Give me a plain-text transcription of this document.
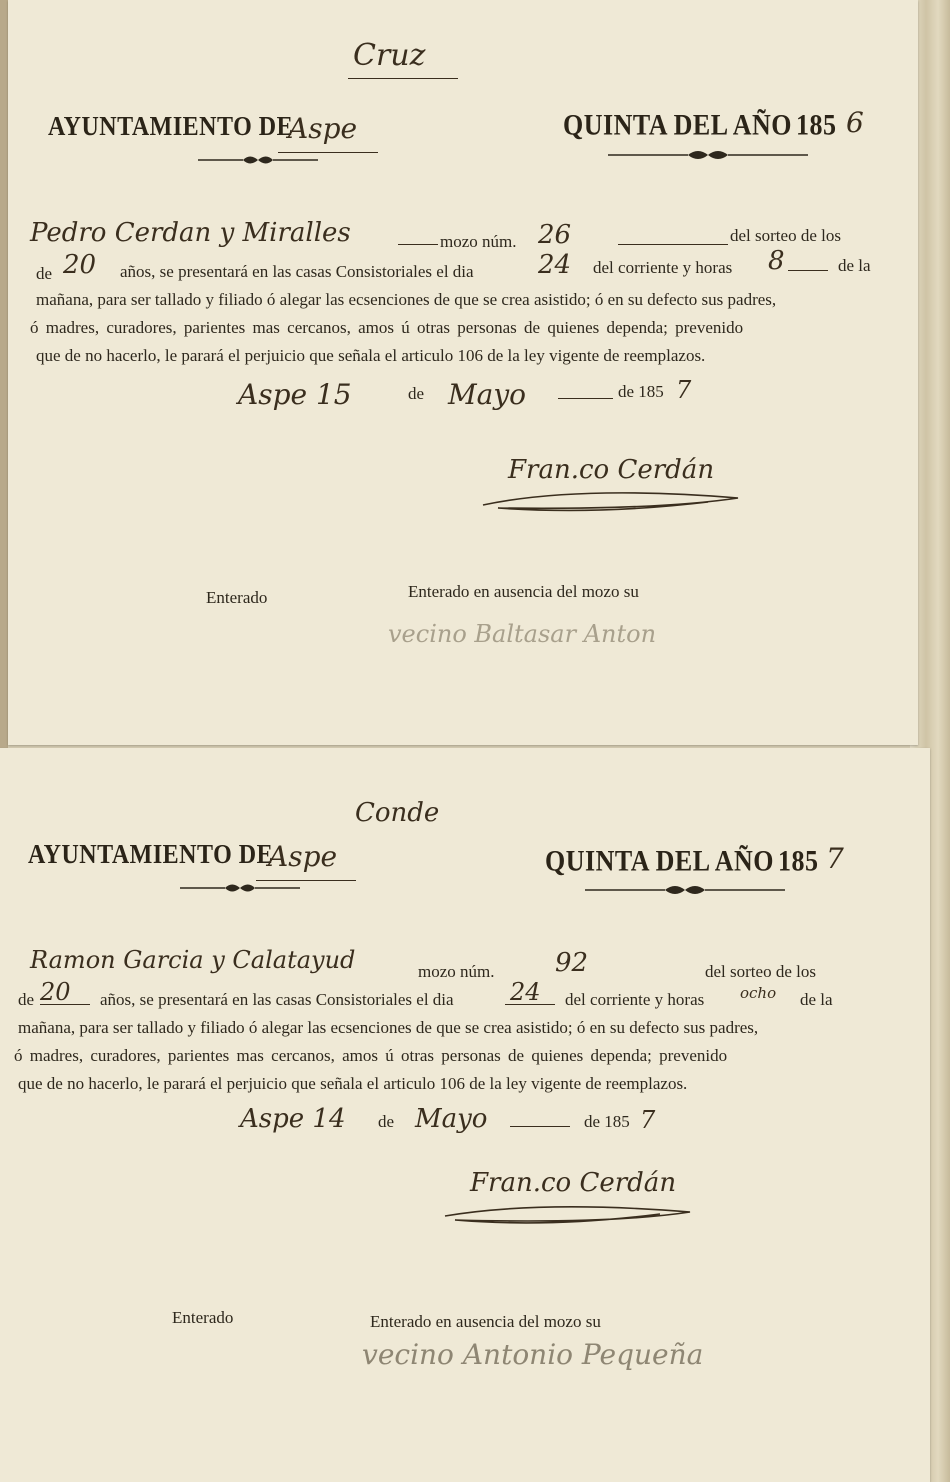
Cruz
AYUNTAMIENTO DE
Aspe	QUINTA DEL AÑO 185 6
Pedro Cerdan y Miralles	mozo núm. 26	del sorteo de los
de 20 años, se presentará en las casas Consistoriales el dia 24 del corriente y horas 8	de la
mañana, para ser tallado y filiado ó alegar las ecsenciones de que se crea asistido; ó en su defecto sus padres,
ó madres, curadores, parientes mas cercanos, amos ú otras personas de quienes dependa; prevenido
que de no hacerlo, le parará el perjuicio que señala el articulo 106 de la ley vigente de reemplazos.
Aspe 15	de Mayo	de 185 7
Fran.co Cerdán
Enterado	Enterado en ausencia del mozo su
vecino Baltasar Anton
Conde
AYUNTAMIENTO DE
Aspe	QUINTA DEL AÑO 185 7
Ramon Garcia y Calatayud	mozo núm. 92	del sorteo de los
de 20 años, se presentará en las casas Consistoriales el dia 24 del corriente y horas ocho de la
mañana, para ser tallado y filiado ó alegar las ecsenciones de que se crea asistido; ó en su defecto sus padres,
ó madres, curadores, parientes mas cercanos, amos ú otras personas de quienes dependa; prevenido
que de no hacerlo, le parará el perjuicio que señala el articulo 106 de la ley vigente de reemplazos.
Aspe 14 de Mayo	de 185 7
Fran.co Cerdán
Enterado	Enterado en ausencia del mozo su
vecino Antonio Pequeña
